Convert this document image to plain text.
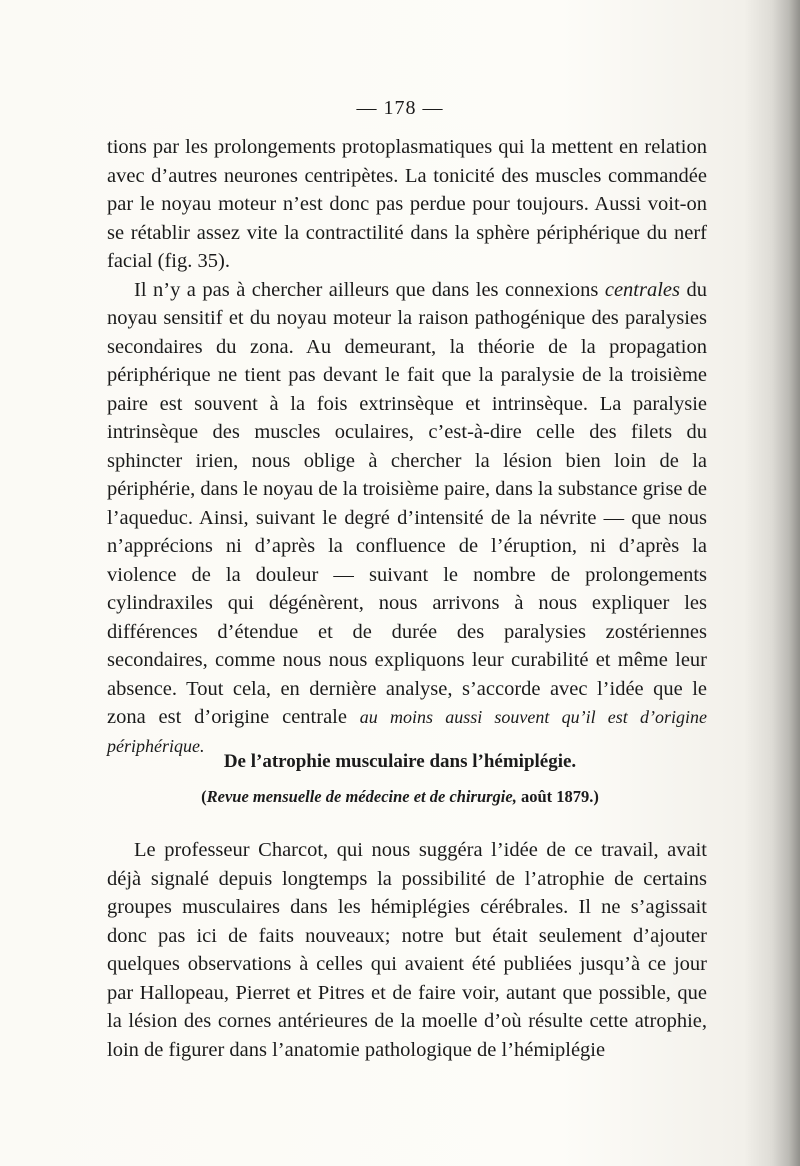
— 178 —

tions par les prolongements protoplasmatiques qui la mettent en relation avec d’autres neurones centripètes. La tonicité des muscles commandée par le noyau moteur n’est donc pas perdue pour toujours. Aussi voit-on se rétablir assez vite la contractilité dans la sphère périphérique du nerf facial (fig. 35).

Il n’y a pas à chercher ailleurs que dans les connexions centrales du noyau sensitif et du noyau moteur la raison pathogénique des paralysies secondaires du zona. Au demeurant, la théorie de la propagation périphérique ne tient pas devant le fait que la paralysie de la troisième paire est souvent à la fois extrinsèque et intrinsèque. La paralysie intrinsèque des muscles oculaires, c’est-à-dire celle des filets du sphincter irien, nous oblige à chercher la lésion bien loin de la périphérie, dans le noyau de la troisième paire, dans la substance grise de l’aqueduc. Ainsi, suivant le degré d’intensité de la névrite — que nous n’apprécions ni d’après la confluence de l’éruption, ni d’après la violence de la douleur — suivant le nombre de prolongements cylindraxiles qui dégénèrent, nous arrivons à nous expliquer les différences d’étendue et de durée des paralysies zostériennes secondaires, comme nous nous expliquons leur curabilité et même leur absence. Tout cela, en dernière analyse, s’accorde avec l’idée que le zona est d’origine centrale au moins aussi souvent qu’il est d’origine périphérique.

De l’atrophie musculaire dans l’hémiplégie.
(Revue mensuelle de médecine et de chirurgie, août 1879.)

Le professeur Charcot, qui nous suggéra l’idée de ce travail, avait déjà signalé depuis longtemps la possibilité de l’atrophie de certains groupes musculaires dans les hémiplégies cérébrales. Il ne s’agissait donc pas ici de faits nouveaux; notre but était seulement d’ajouter quelques observations à celles qui avaient été publiées jusqu’à ce jour par Hallopeau, Pierret et Pitres et de faire voir, autant que possible, que la lésion des cornes antérieures de la moelle d’où résulte cette atrophie, loin de figurer dans l’anatomie pathologique de l’hémiplégie
